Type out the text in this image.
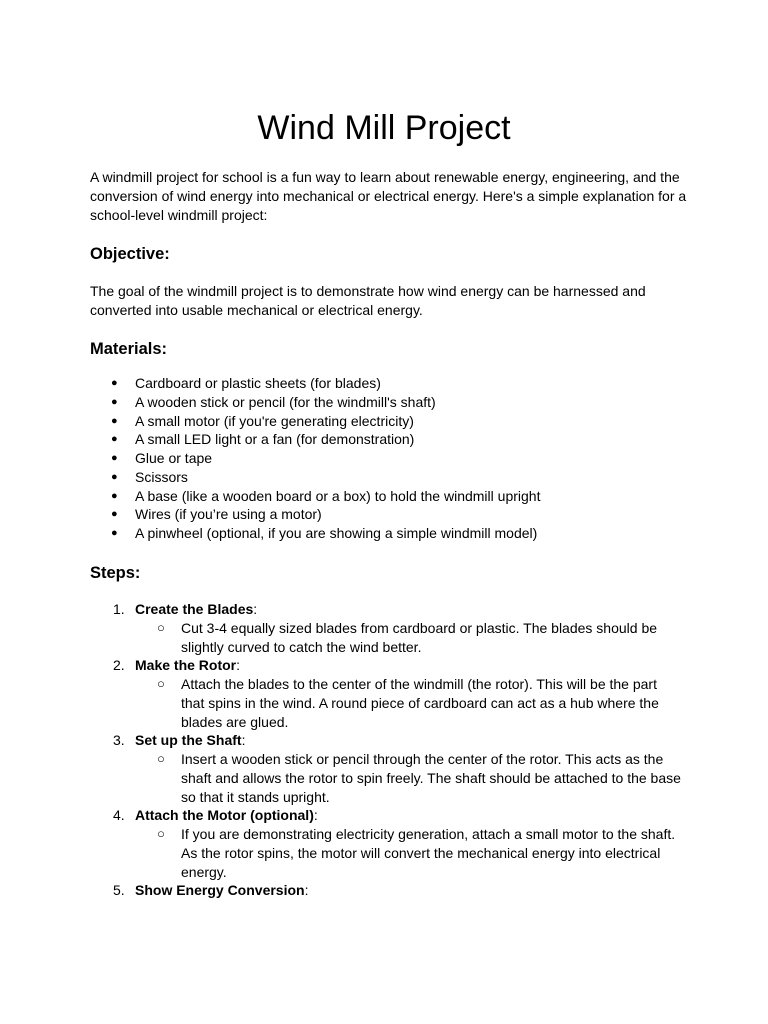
Wind Mill Project

A windmill project for school is a fun way to learn about renewable energy, engineering, and the conversion of wind energy into mechanical or electrical energy. Here's a simple explanation for a school-level windmill project:

Objective:

The goal of the windmill project is to demonstrate how wind energy can be harnessed and converted into usable mechanical or electrical energy.

Materials:
● Cardboard or plastic sheets (for blades)
● A wooden stick or pencil (for the windmill's shaft)
● A small motor (if you're generating electricity)
● A small LED light or a fan (for demonstration)
● Glue or tape
● Scissors
● A base (like a wooden board or a box) to hold the windmill upright
● Wires (if you’re using a motor)
● A pinwheel (optional, if you are showing a simple windmill model)
Steps:
1. Create the Blades:
○ Cut 3-4 equally sized blades from cardboard or plastic. The blades should be slightly curved to catch the wind better.
2. Make the Rotor:
○ Attach the blades to the center of the windmill (the rotor). This will be the part that spins in the wind. A round piece of cardboard can act as a hub where the blades are glued.
3. Set up the Shaft:
○ Insert a wooden stick or pencil through the center of the rotor. This acts as the shaft and allows the rotor to spin freely. The shaft should be attached to the base so that it stands upright.
4. Attach the Motor (optional):
○ If you are demonstrating electricity generation, attach a small motor to the shaft. As the rotor spins, the motor will convert the mechanical energy into electrical energy.
5. Show Energy Conversion:
